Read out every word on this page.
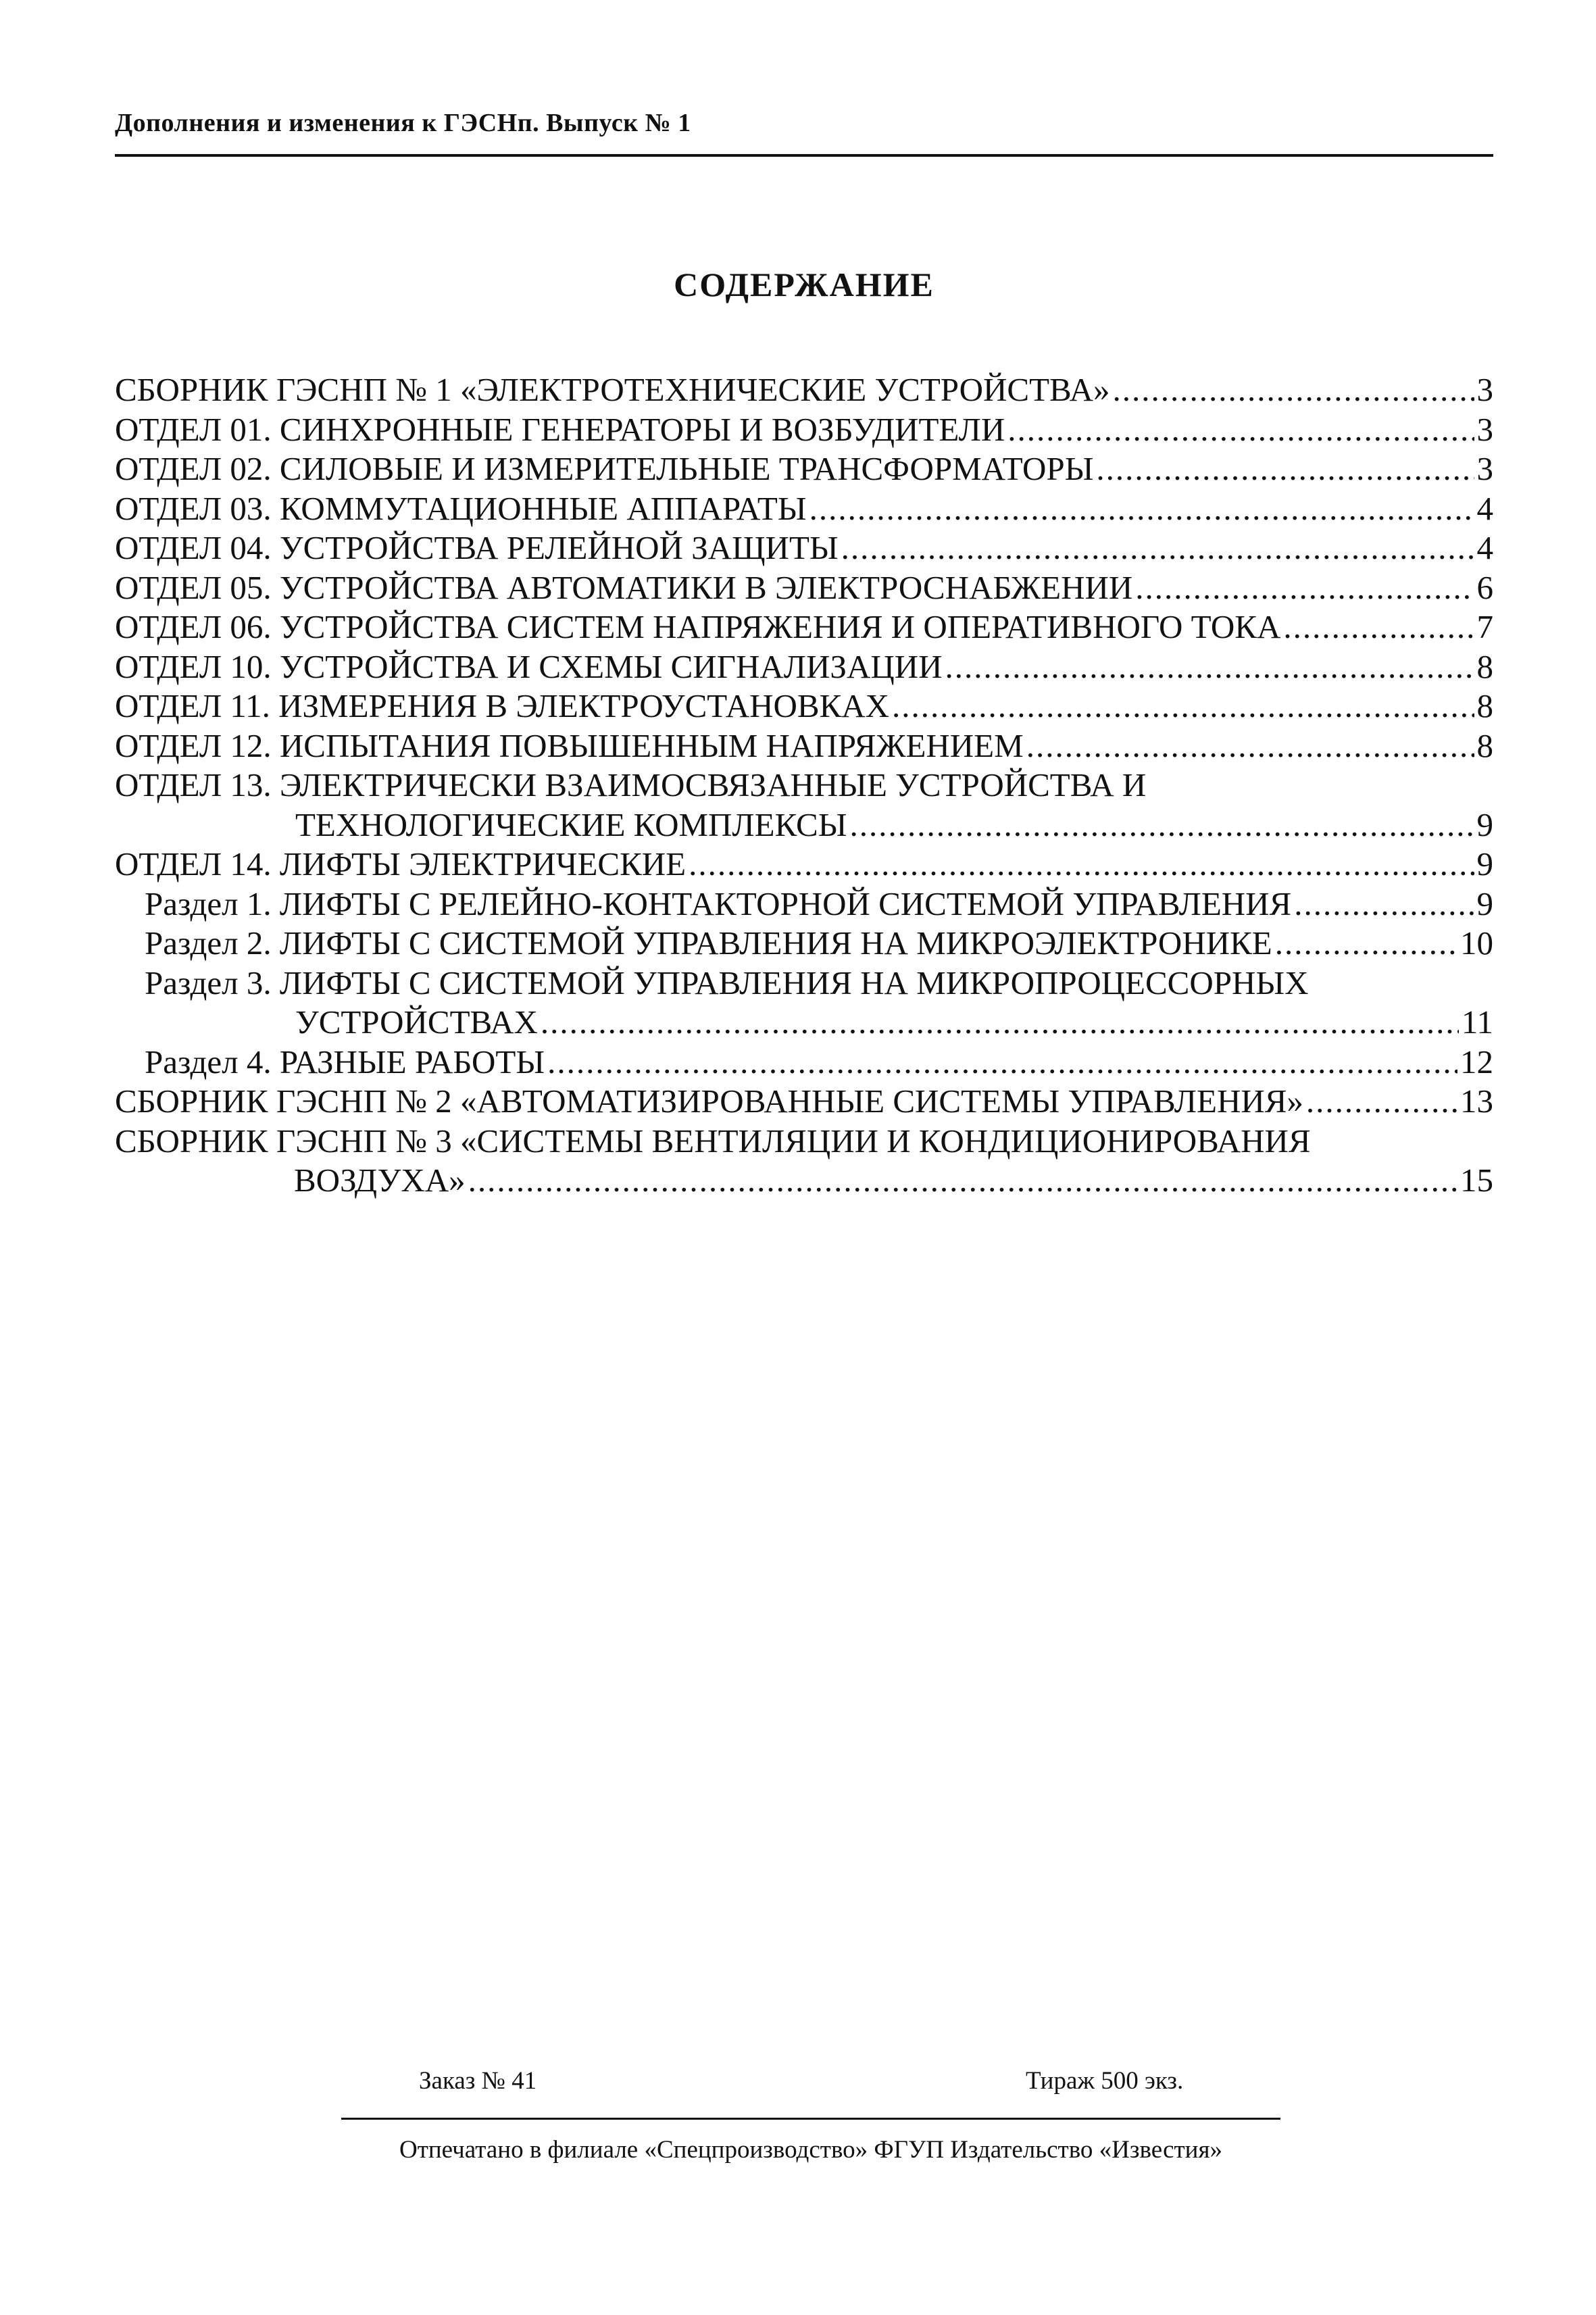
Дополнения и изменения к ГЭСНп. Выпуск № 1
СОДЕРЖАНИЕ
СБОРНИК ГЭСНП № 1 «ЭЛЕКТРОТЕХНИЧЕСКИЕ УСТРОЙСТВА» .....	3
ОТДЕЛ 01. СИНХРОННЫЕ ГЕНЕРАТОРЫ И ВОЗБУДИТЕЛИ .....	3
ОТДЕЛ 02. СИЛОВЫЕ И ИЗМЕРИТЕЛЬНЫЕ ТРАНСФОРМАТОРЫ .....	3
ОТДЕЛ 03. КОММУТАЦИОННЫЕ АППАРАТЫ .....	4
ОТДЕЛ 04. УСТРОЙСТВА РЕЛЕЙНОЙ ЗАЩИТЫ .....	4
ОТДЕЛ 05. УСТРОЙСТВА АВТОМАТИКИ В ЭЛЕКТРОСНАБЖЕНИИ .....	6
ОТДЕЛ 06. УСТРОЙСТВА СИСТЕМ НАПРЯЖЕНИЯ И ОПЕРАТИВНОГО ТОКА .....	7
ОТДЕЛ 10. УСТРОЙСТВА И СХЕМЫ СИГНАЛИЗАЦИИ .....	8
ОТДЕЛ 11. ИЗМЕРЕНИЯ В ЭЛЕКТРОУСТАНОВКАХ .....	8
ОТДЕЛ 12. ИСПЫТАНИЯ ПОВЫШЕННЫМ НАПРЯЖЕНИЕМ .....	8
ОТДЕЛ 13. ЭЛЕКТРИЧЕСКИ ВЗАИМОСВЯЗАННЫЕ УСТРОЙСТВА И
ТЕХНОЛОГИЧЕСКИЕ КОМПЛЕКСЫ .....	9
ОТДЕЛ 14. ЛИФТЫ ЭЛЕКТРИЧЕСКИЕ .....	9
Раздел 1. ЛИФТЫ С РЕЛЕЙНО-КОНТАКТОРНОЙ СИСТЕМОЙ УПРАВЛЕНИЯ .....	9
Раздел 2. ЛИФТЫ С СИСТЕМОЙ УПРАВЛЕНИЯ НА МИКРОЭЛЕКТРОНИКЕ .....	10
Раздел 3. ЛИФТЫ С СИСТЕМОЙ УПРАВЛЕНИЯ НА МИКРОПРОЦЕССОРНЫХ
УСТРОЙСТВАХ .....	11
Раздел 4. РАЗНЫЕ РАБОТЫ .....	12
СБОРНИК ГЭСНП № 2 «АВТОМАТИЗИРОВАННЫЕ СИСТЕМЫ УПРАВЛЕНИЯ» .....	13
СБОРНИК ГЭСНП № 3 «СИСТЕМЫ ВЕНТИЛЯЦИИ И КОНДИЦИОНИРОВАНИЯ
ВОЗДУХА» .....	15
Заказ № 41	Тираж 500 экз.
Отпечатано в филиале «Спецпроизводство» ФГУП Издательство «Известия»
